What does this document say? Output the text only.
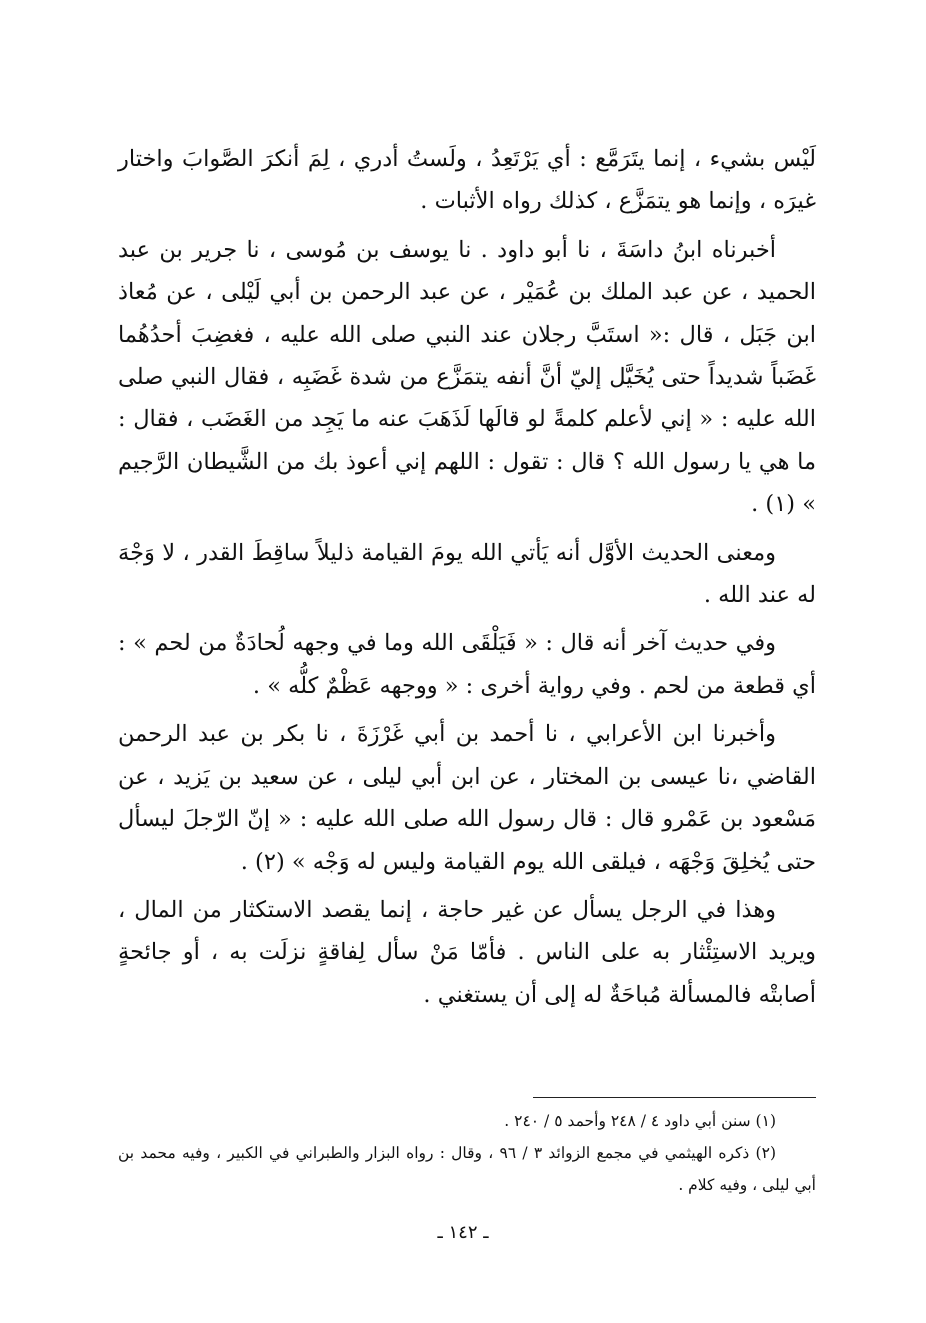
لَيْس بشيء ، إنما يتَرَمَّع : أي يَرْتَعِدُ ، ولَستُ أدري ، لِمَ أنكرَ الصَّوابَ واختار غيرَه ، وإنما هو يتمَزَّع ، كذلك رواه الأثبات .

أخبرناه ابنُ داسَةَ ، نا أبو داود . نا يوسف بن مُوسى ، نا جرير بن عبد الحميد ، عن عبد الملك بن عُمَيْر ، عن عبد الرحمن بن أبي لَيْلى ، عن مُعاذ ابن جَبَل ، قال :« استَبَّ رجلان عند النبي صلى الله عليه ، فغضِبَ أحدُهُما غَضَباً شديداً حتى يُخَيَّل إليّ أنَّ أنفه يتمَزَّع من شدة غَضَبِه ، فقال النبي صلى الله عليه : « إني لأعلم كلمةً لو قالَها لَذَهَبَ عنه ما يَجِد من الغَضَب ، فقال : ما هي يا رسول الله ؟ قال : تقول : اللهم إني أعوذ بك من الشَّيطان الرَّجيم » (١) .

ومعنى الحديث الأوَّل أنه يَأتي الله يومَ القيامة ذليلاً ساقِطَ القدر ، لا وَجْهَ له عند الله .

وفي حديث آخر أنه قال : « فَيَلْقَى الله وما في وجهه لُحادَةٌ من لحم » : أي قطعة من لحم . وفي رواية أخرى : « ووجهه عَظْمٌ كلُّه » .

وأخبرنا ابن الأعرابي ، نا أحمد بن أبي غَرْزَةَ ، نا بكر بن عبد الرحمن القاضي ،نا عيسى بن المختار ، عن ابن أبي ليلى ، عن سعيد بن يَزيد ، عن مَسْعود بن عَمْرو قال : قال رسول الله صلى الله عليه : « إنّ الرّجلَ ليسأل حتى يُخلِقَ وَجْهَه ، فيلقى الله يوم القيامة وليس له وَجْه » (٢) .

وهذا في الرجل يسأل عن غير حاجة ، إنما يقصد الاستكثار من المال ، ويريد الاستِئْثار به على الناس . فأمّا مَنْ سأل لِفاقةٍ نزلَت به ، أو جائحةٍ أصابتْه فالمسألة مُباحَةٌ له إلى أن يستغني .

(١) سنن أبي داود ٤ / ٢٤٨ وأحمد ٥ / ٢٤٠ .

(٢) ذكره الهيثمي في مجمع الزوائد ٣ / ٩٦ ، وقال : رواه البزار والطبراني في الكبير ، وفيه محمد بن أبي ليلى ، وفيه كلام .

ـ ١٤٢ ـ
